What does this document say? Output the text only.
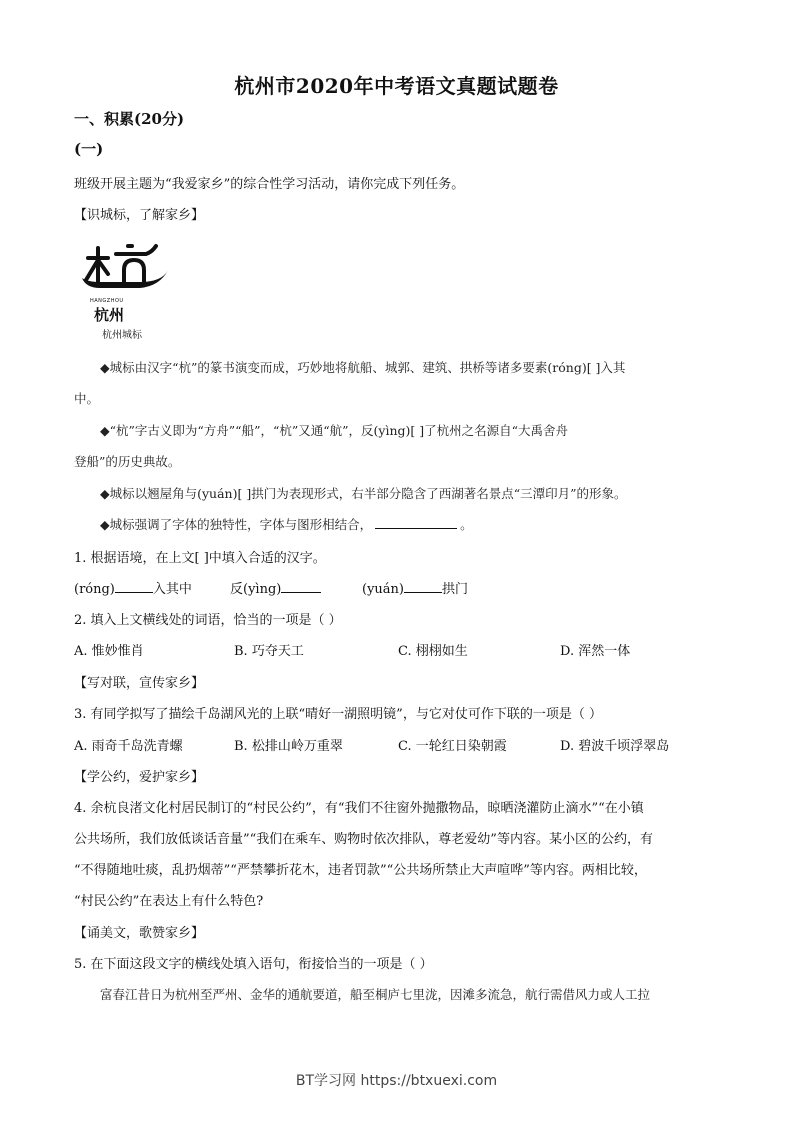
杭州市2020年中考语文真题试题卷
一、积累(20分)
(一)
班级开展主题为“我爱家乡”的综合性学习活动，请你完成下列任务。
【识城标，了解家乡】
HANGZHOU
杭州
杭州城标
◆城标由汉字“杭”的篆书演变而成，巧妙地将航船、城郭、建筑、拱桥等诸多要素(róng)[ ]入其
中。
◆“杭”字古义即为“方舟”“船”，“杭”又通“航”，反(yìng)[ ]了杭州之名源自“大禹舍舟
登船”的历史典故。
◆城标以翘屋角与(yuán)[ ]拱门为表现形式，右半部分隐含了西湖著名景点“三潭印月”的形象。
◆城标强调了字体的独特性，字体与图形相结合，	。
1. 根据语境，在上文[ ]中填入合适的汉字。
(róng)	入其中	反(yìng)	(yuán)	拱门
2. 填入上文横线处的词语，恰当的一项是（ ）
A. 惟妙惟肖	B. 巧夺天工	C. 栩栩如生	D. 浑然一体
【写对联，宣传家乡】
3. 有同学拟写了描绘千岛湖风光的上联“晴好一湖照明镜”，与它对仗可作下联的一项是（ ）
A. 雨奇千岛洗青螺	B. 松排山岭万重翠	C. 一轮红日染朝霞	D. 碧波千顷浮翠岛
【学公约，爱护家乡】
4. 余杭良渚文化村居民制订的“村民公约”，有“我们不往窗外抛撒物品，晾晒浇灌防止滴水”“在小镇
公共场所，我们放低谈话音量”“我们在乘车、购物时依次排队，尊老爱幼”等内容。某小区的公约，有
“不得随地吐痰，乱扔烟蒂”“严禁攀折花木，违者罚款”“公共场所禁止大声喧哗”等内容。两相比较，
“村民公约”在表达上有什么特色?
【诵美文，歌赞家乡】
5. 在下面这段文字的横线处填入语句，衔接恰当的一项是（ ）
富春江昔日为杭州至严州、金华的通航要道，船至桐庐七里泷，因滩多流急，航行需借风力或人工拉
BT学习网 https://btxuexi.com
